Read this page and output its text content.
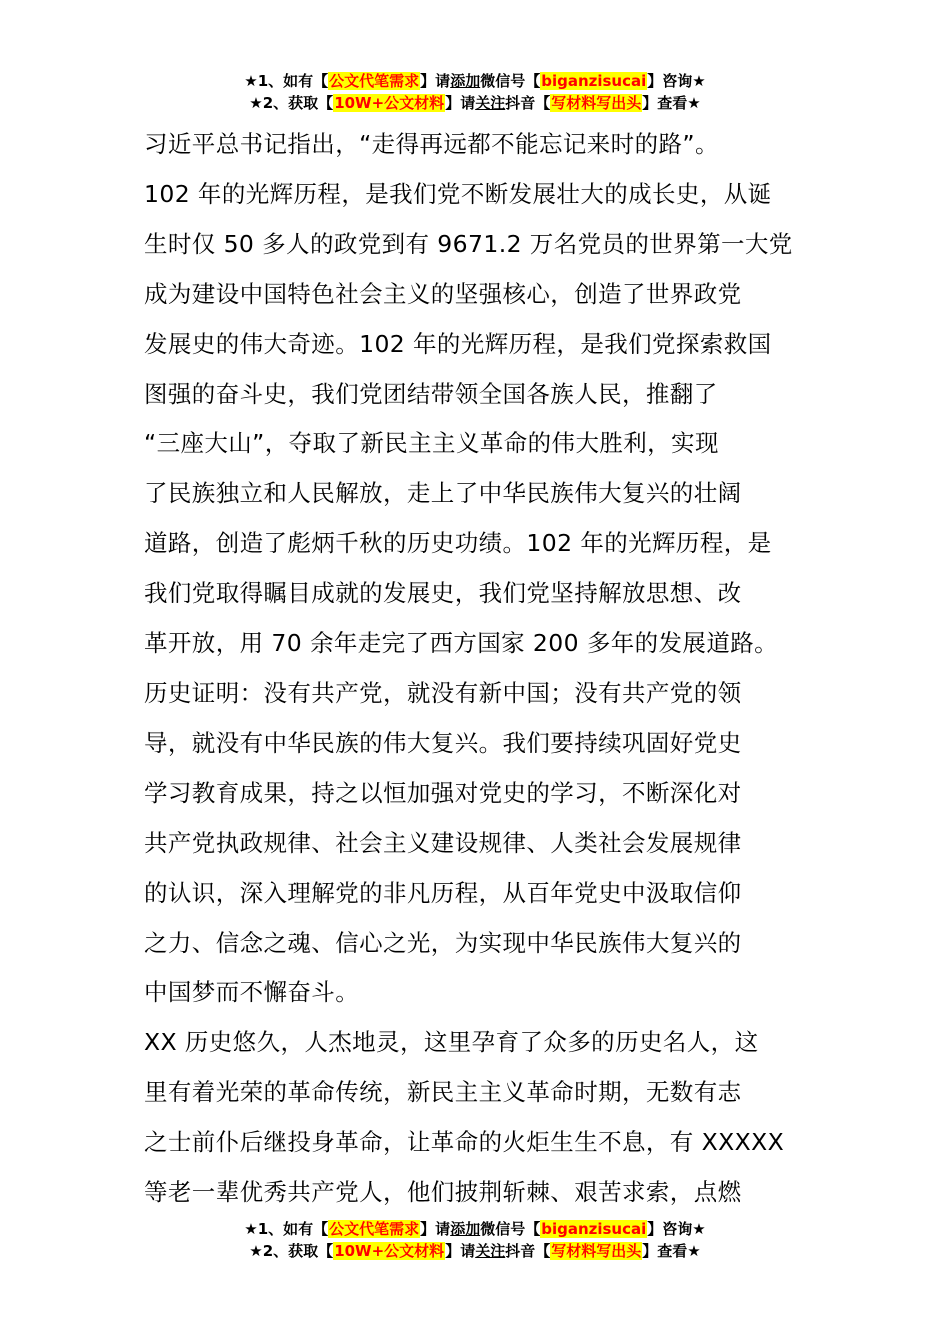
★1、如有【公文代笔需求】请添加微信号【biganzisucai】咨询★
★2、获取【10W+公文材料】请关注抖音【写材料写出头】查看★

习近平总书记指出，“走得再远都不能忘记来时的路”。

102 年的光辉历程，是我们党不断发展壮大的成长史，从诞

生时仅 50 多人的政党到有 9671.2 万名党员的世界第一大党

成为建设中国特色社会主义的坚强核心，创造了世界政党

发展史的伟大奇迹。102 年的光辉历程，是我们党探索救国

图强的奋斗史，我们党团结带领全国各族人民，推翻了

“三座大山”，夺取了新民主主义革命的伟大胜利，实现

了民族独立和人民解放，走上了中华民族伟大复兴的壮阔

道路，创造了彪炳千秋的历史功绩。102 年的光辉历程，是

我们党取得瞩目成就的发展史，我们党坚持解放思想、改

革开放，用 70 余年走完了西方国家 200 多年的发展道路。

历史证明：没有共产党，就没有新中国；没有共产党的领

导，就没有中华民族的伟大复兴。我们要持续巩固好党史

学习教育成果，持之以恒加强对党史的学习，不断深化对

共产党执政规律、社会主义建设规律、人类社会发展规律

的认识，深入理解党的非凡历程，从百年党史中汲取信仰

之力、信念之魂、信心之光，为实现中华民族伟大复兴的

中国梦而不懈奋斗。

XX 历史悠久，人杰地灵，这里孕育了众多的历史名人，这

里有着光荣的革命传统，新民主主义革命时期，无数有志

之士前仆后继投身革命，让革命的火炬生生不息，有 XXXXX

等老一辈优秀共产党人，他们披荆斩棘、艰苦求索，点燃

★1、如有【公文代笔需求】请添加微信号【biganzisucai】咨询★
★2、获取【10W+公文材料】请关注抖音【写材料写出头】查看★
